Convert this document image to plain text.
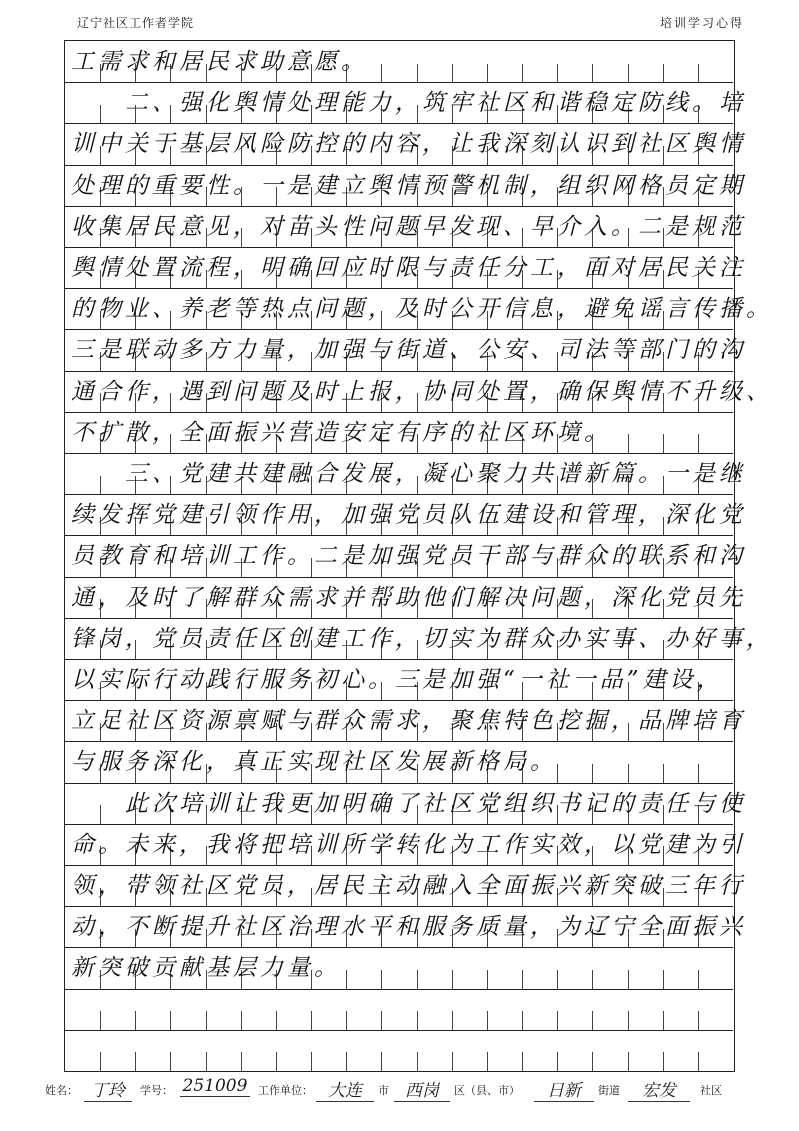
辽宁社区工作者学院	培训学习心得
工需求和居民求助意愿。
　　二、强化舆情处理能力，筑牢社区和谐稳定防线。培
训中关于基层风险防控的内容，让我深刻认识到社区舆情
处理的重要性。一是建立舆情预警机制，组织网格员定期
收集居民意见，对苗头性问题早发现、早介入。二是规范
舆情处置流程，明确回应时限与责任分工，面对居民关注
的物业、养老等热点问题，及时公开信息，避免谣言传播。
三是联动多方力量，加强与街道、公安、司法等部门的沟
通合作，遇到问题及时上报，协同处置，确保舆情不升级、
不扩散，全面振兴营造安定有序的社区环境。
　　三、党建共建融合发展，凝心聚力共谱新篇。一是继
续发挥党建引领作用，加强党员队伍建设和管理，深化党
员教育和培训工作。二是加强党员干部与群众的联系和沟
通，及时了解群众需求并帮助他们解决问题，深化党员先
锋岗，党员责任区创建工作，切实为群众办实事、办好事，
以实际行动践行服务初心。三是加强“一社一品”建设，
立足社区资源禀赋与群众需求，聚焦特色挖掘，品牌培育
与服务深化，真正实现社区发展新格局。
　　此次培训让我更加明确了社区党组织书记的责任与使
命。未来，我将把培训所学转化为工作实效，以党建为引
领，带领社区党员，居民主动融入全面振兴新突破三年行
动，不断提升社区治理水平和服务质量，为辽宁全面振兴
新突破贡献基层力量。
姓名： 丁玲	学号： 251009 工作单位： 大连	市 西岗	区（县、市）	日新	街道	宏发	社区
